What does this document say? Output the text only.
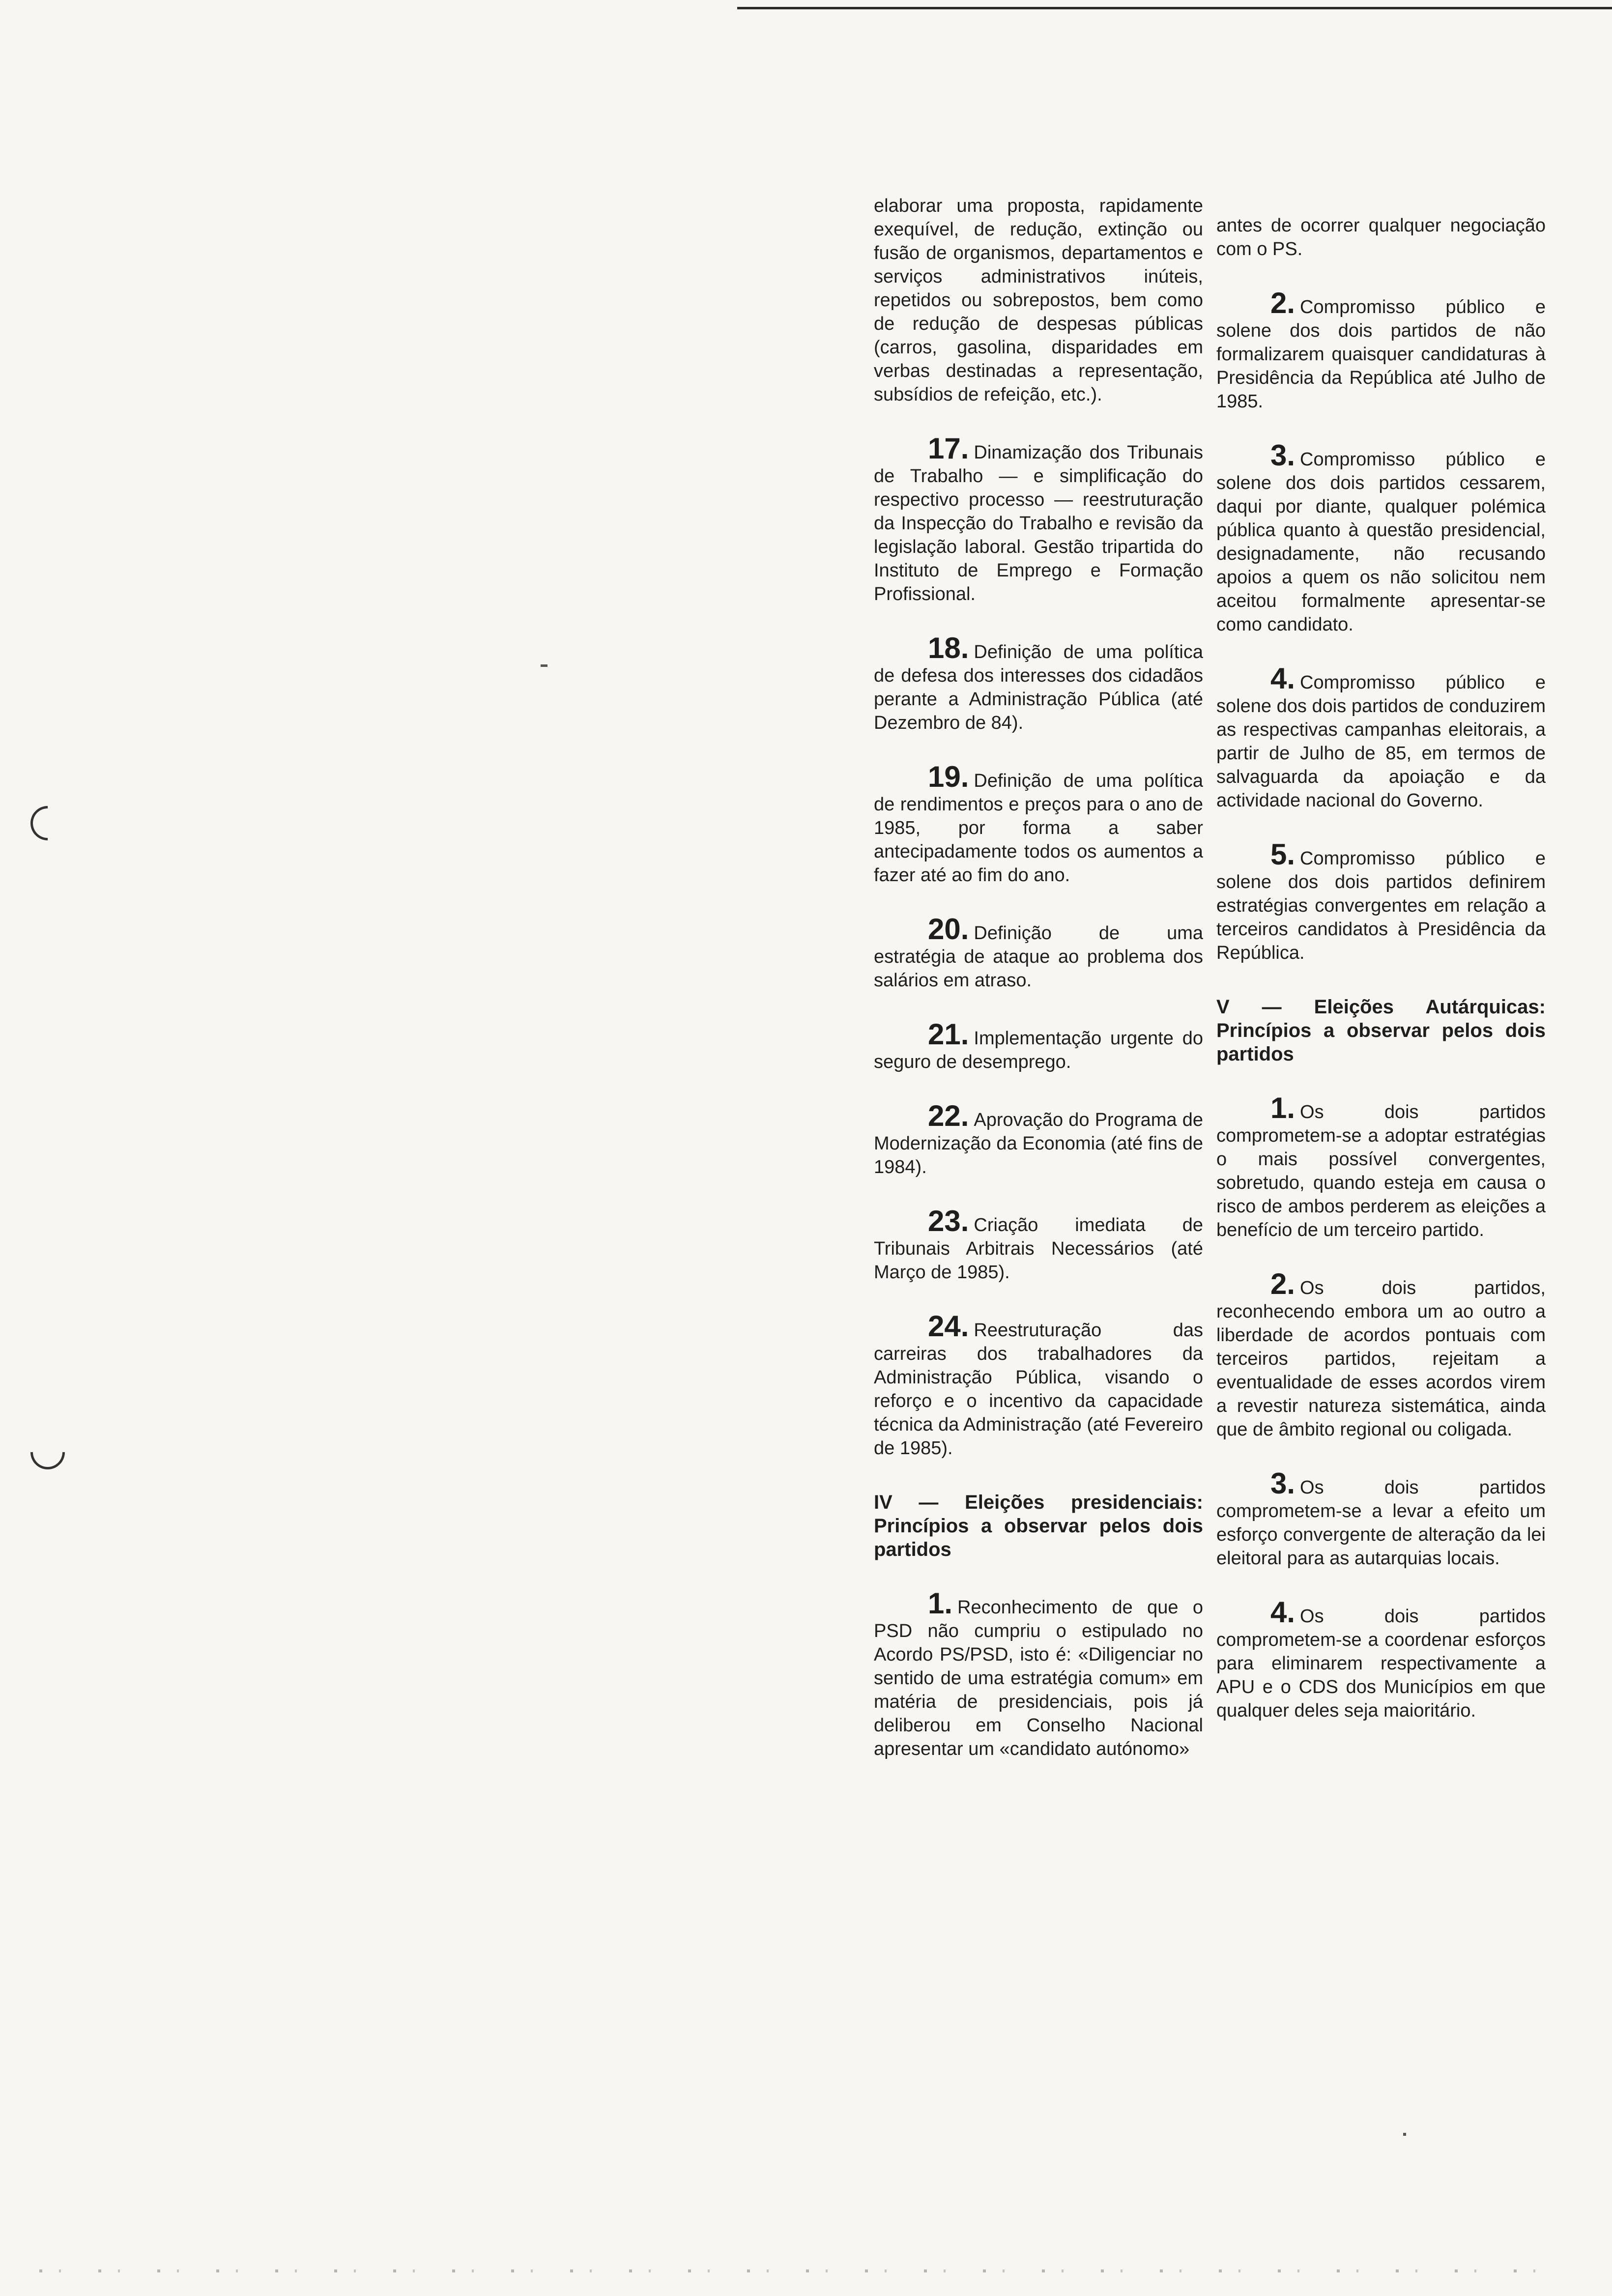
elaborar uma proposta, rapidamente exequível, de redução, extinção ou fusão de organismos, departamentos e serviços administrativos inúteis, repetidos ou sobrepostos, bem como de redução de despesas públicas (carros, gasolina, disparidades em verbas destinadas a representação, subsídios de refeição, etc.).

17. Dinamização dos Tribunais de Trabalho — e simplificação do respectivo processo — reestruturação da Inspecção do Trabalho e revisão da legislação laboral. Gestão tripartida do Instituto de Emprego e Formação Profissional.

18. Definição de uma política de defesa dos interesses dos cidadãos perante a Administração Pública (até Dezembro de 84).

19. Definição de uma política de rendimentos e preços para o ano de 1985, por forma a saber antecipadamente todos os aumentos a fazer até ao fim do ano.

20. Definição de uma estratégia de ataque ao problema dos salários em atraso.

21. Implementação urgente do seguro de desemprego.

22. Aprovação do Programa de Modernização da Economia (até fins de 1984).

23. Criação imediata de Tribunais Arbitrais Necessários (até Março de 1985).

24. Reestruturação das carreiras dos trabalhadores da Administração Pública, visando o reforço e o incentivo da capacidade técnica da Administração (até Fevereiro de 1985).

IV — Eleições presidenciais: Princípios a observar pelos dois partidos

1. Reconhecimento de que o PSD não cumpriu o estipulado no Acordo PS/PSD, isto é: «Diligenciar no sentido de uma estratégia comum» em matéria de presidenciais, pois já deliberou em Conselho Nacional apresentar um «candidato autónomo»

antes de ocorrer qualquer negociação com o PS.

2. Compromisso público e solene dos dois partidos de não formalizarem quaisquer candidaturas à Presidência da República até Julho de 1985.

3. Compromisso público e solene dos dois partidos cessarem, daqui por diante, qualquer polémica pública quanto à questão presidencial, designadamente, não recusando apoios a quem os não solicitou nem aceitou formalmente apresentar-se como candidato.

4. Compromisso público e solene dos dois partidos de conduzirem as respectivas campanhas eleitorais, a partir de Julho de 85, em termos de salvaguarda da apoiação e da actividade nacional do Governo.

5. Compromisso público e solene dos dois partidos definirem estratégias convergentes em relação a terceiros candidatos à Presidência da República.

V — Eleições Autárquicas: Princípios a observar pelos dois partidos

1. Os dois partidos comprometem-se a adoptar estratégias o mais possível convergentes, sobretudo, quando esteja em causa o risco de ambos perderem as eleições a benefício de um terceiro partido.

2. Os dois partidos, reconhecendo embora um ao outro a liberdade de acordos pontuais com terceiros partidos, rejeitam a eventualidade de esses acordos virem a revestir natureza sistemática, ainda que de âmbito regional ou coligada.

3. Os dois partidos comprometem-se a levar a efeito um esforço convergente de alteração da lei eleitoral para as autarquias locais.

4. Os dois partidos comprometem-se a coordenar esforços para eliminarem respectivamente a APU e o CDS dos Municípios em que qualquer deles seja maioritário.
